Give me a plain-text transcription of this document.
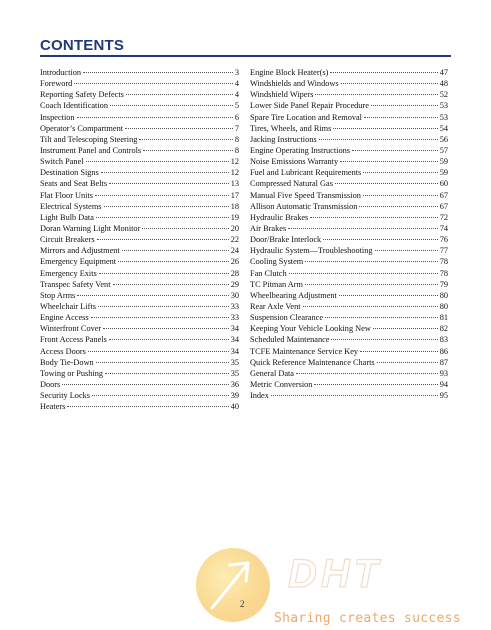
CONTENTS
Introduction	3
Foreword	4
Reporting Safety Defects	4
Coach Identification	5
Inspection	6
Operator’s Compartment	7
Tilt and Telescoping Steering	8
Instrument Panel and Controls	8
Switch Panel	12
Destination Signs	12
Seats and Seat Belts	13
Flat Floor Units	17
Electrical Systems	18
Light Bulb Data	19
Doran Warning Light Monitor	20
Circuit Breakers	22
Mirrors and Adjustment	24
Emergency Equipment	26
Emergency Exits	28
Transpec Safety Vent	29
Stop Arms	30
Wheelchair Lifts	33
Engine Access	33
Winterfront Cover	34
Front Access Panels	34
Access Doors	34
Body Tie-Down	35
Towing or Pushing	35
Doors	36
Security Locks	39
Heaters	40
Engine Block Heater(s)	47
Windshields and Windows	48
Windshield Wipers	52
Lower Side Panel Repair Procedure	53
Spare Tire Location and Removal	53
Tires, Wheels, and Rims	54
Jacking Instructions	56
Engine Operating Instructions	57
Noise Emissions Warranty	59
Fuel and Lubricant Requirements	59
Compressed Natural Gas	60
Manual Five Speed Transmission	67
Allison Automatic Transmission	67
Hydraulic Brakes	72
Air Brakes	74
Door/Brake Interlock	76
Hydraulic System—Troubleshooting	77
Cooling System	78
Fan Clutch	78
TC Pitman Arm	79
Wheelbearing Adjustment	80
Rear Axle Vent	80
Suspension Clearance	81
Keeping Your Vehicle Looking New	82
Scheduled Maintenance	83
TCFE Maintenance Service Key	86
Quick Reference Maintenance Charts	87
General Data	93
Metric Conversion	94
Index	95
DHT
Sharing creates success
2
